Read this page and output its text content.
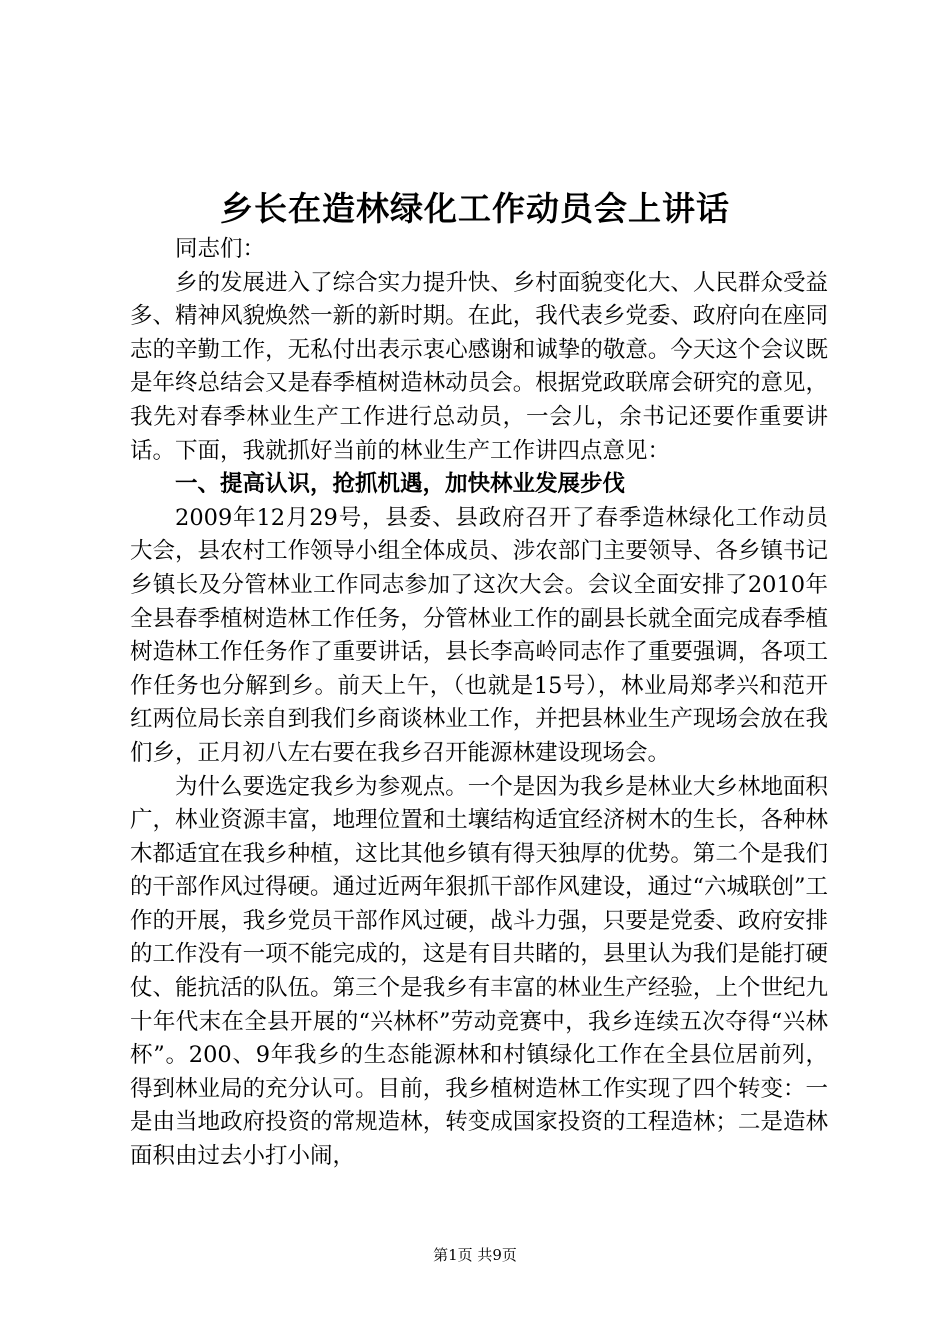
乡长在造林绿化工作动员会上讲话

同志们：

乡的发展进入了综合实力提升快、乡村面貌变化大、人民群众受益多、精神风貌焕然一新的新时期。在此，我代表乡党委、政府向在座同志的辛勤工作，无私付出表示衷心感谢和诚挚的敬意。今天这个会议既是年终总结会又是春季植树造林动员会。根据党政联席会研究的意见，我先对春季林业生产工作进行总动员，一会儿，余书记还要作重要讲话。下面，我就抓好当前的林业生产工作讲四点意见：

一、提高认识，抢抓机遇，加快林业发展步伐

2009年12月29号，县委、县政府召开了春季造林绿化工作动员大会，县农村工作领导小组全体成员、涉农部门主要领导、各乡镇书记乡镇长及分管林业工作同志参加了这次大会。会议全面安排了2010年全县春季植树造林工作任务，分管林业工作的副县长就全面完成春季植树造林工作任务作了重要讲话，县长李高岭同志作了重要强调，各项工作任务也分解到乡。前天上午，（也就是15号），林业局郑孝兴和范开红两位局长亲自到我们乡商谈林业工作，并把县林业生产现场会放在我们乡，正月初八左右要在我乡召开能源林建设现场会。

为什么要选定我乡为参观点。一个是因为我乡是林业大乡林地面积广，林业资源丰富，地理位置和土壤结构适宜经济树木的生长，各种林木都适宜在我乡种植，这比其他乡镇有得天独厚的优势。第二个是我们的干部作风过得硬。通过近两年狠抓干部作风建设，通过“六城联创”工作的开展，我乡党员干部作风过硬，战斗力强，只要是党委、政府安排的工作没有一项不能完成的，这是有目共睹的，县里认为我们是能打硬仗、能抗活的队伍。第三个是我乡有丰富的林业生产经验，上个世纪九十年代末在全县开展的“兴林杯”劳动竞赛中，我乡连续五次夺得“兴林杯”。200、9年我乡的生态能源林和村镇绿化工作在全县位居前列，得到林业局的充分认可。目前，我乡植树造林工作实现了四个转变：一是由当地政府投资的常规造林，转变成国家投资的工程造林；二是造林面积由过去小打小闹，

第1页 共9页
